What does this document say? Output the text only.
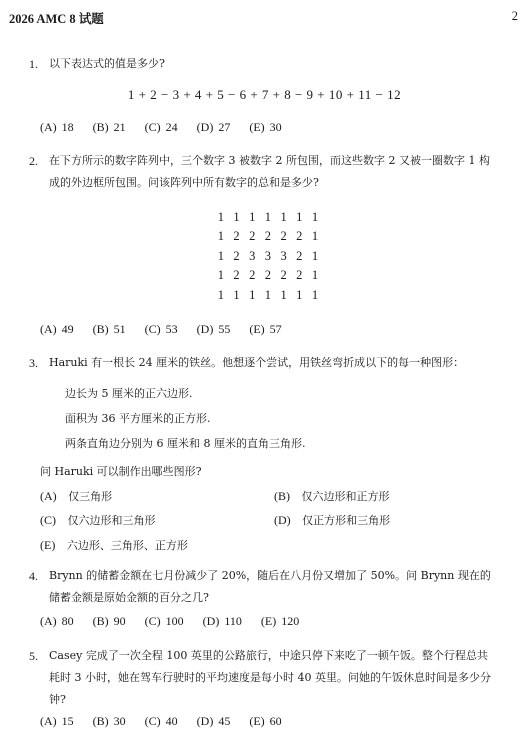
2026 AMC 8 试题	2
1. 以下表达式的值是多少?
1 + 2 − 3 + 4 + 5 − 6 + 7 + 8 − 9 + 10 + 11 − 12
(A) 18 (B) 21 (C) 24 (D) 27 (E) 30
2. 在下方所示的数字阵列中，三个数字 3 被数字 2 所包围，而这些数字 2 又被一圈数字 1 构
成的外边框所包围。问该阵列中所有数字的总和是多少?
1 1 1 1 1 1 1
1 2 2 2 2 2 1
1 2 3 3 3 2 1
1 2 2 2 2 2 1
1 1 1 1 1 1 1
(A) 49 (B) 51 (C) 53 (D) 55 (E) 57
3. Haruki 有一根长 24 厘米的铁丝。他想逐个尝试，用铁丝弯折成以下的每一种图形：
边长为 5 厘米的正六边形.
面积为 36 平方厘米的正方形.
两条直角边分别为 6 厘米和 8 厘米的直角三角形.
问 Haruki 可以制作出哪些图形?
(A) 仅三角形	(B) 仅六边形和正方形
(C) 仅六边形和三角形	(D) 仅正方形和三角形
(E) 六边形、三角形、正方形
4. Brynn 的储蓄金额在七月份减少了 20%，随后在八月份又增加了 50%。问 Brynn 现在的
储蓄金额是原始金额的百分之几?
(A) 80 (B) 90 (C) 100 (D) 110 (E) 120
5. Casey 完成了一次全程 100 英里的公路旅行，中途只停下来吃了一顿午饭。整个行程总共
耗时 3 小时，她在驾车行驶时的平均速度是每小时 40 英里。问她的午饭休息时间是多少分
钟?
(A) 15 (B) 30 (C) 40 (D) 45 (E) 60
